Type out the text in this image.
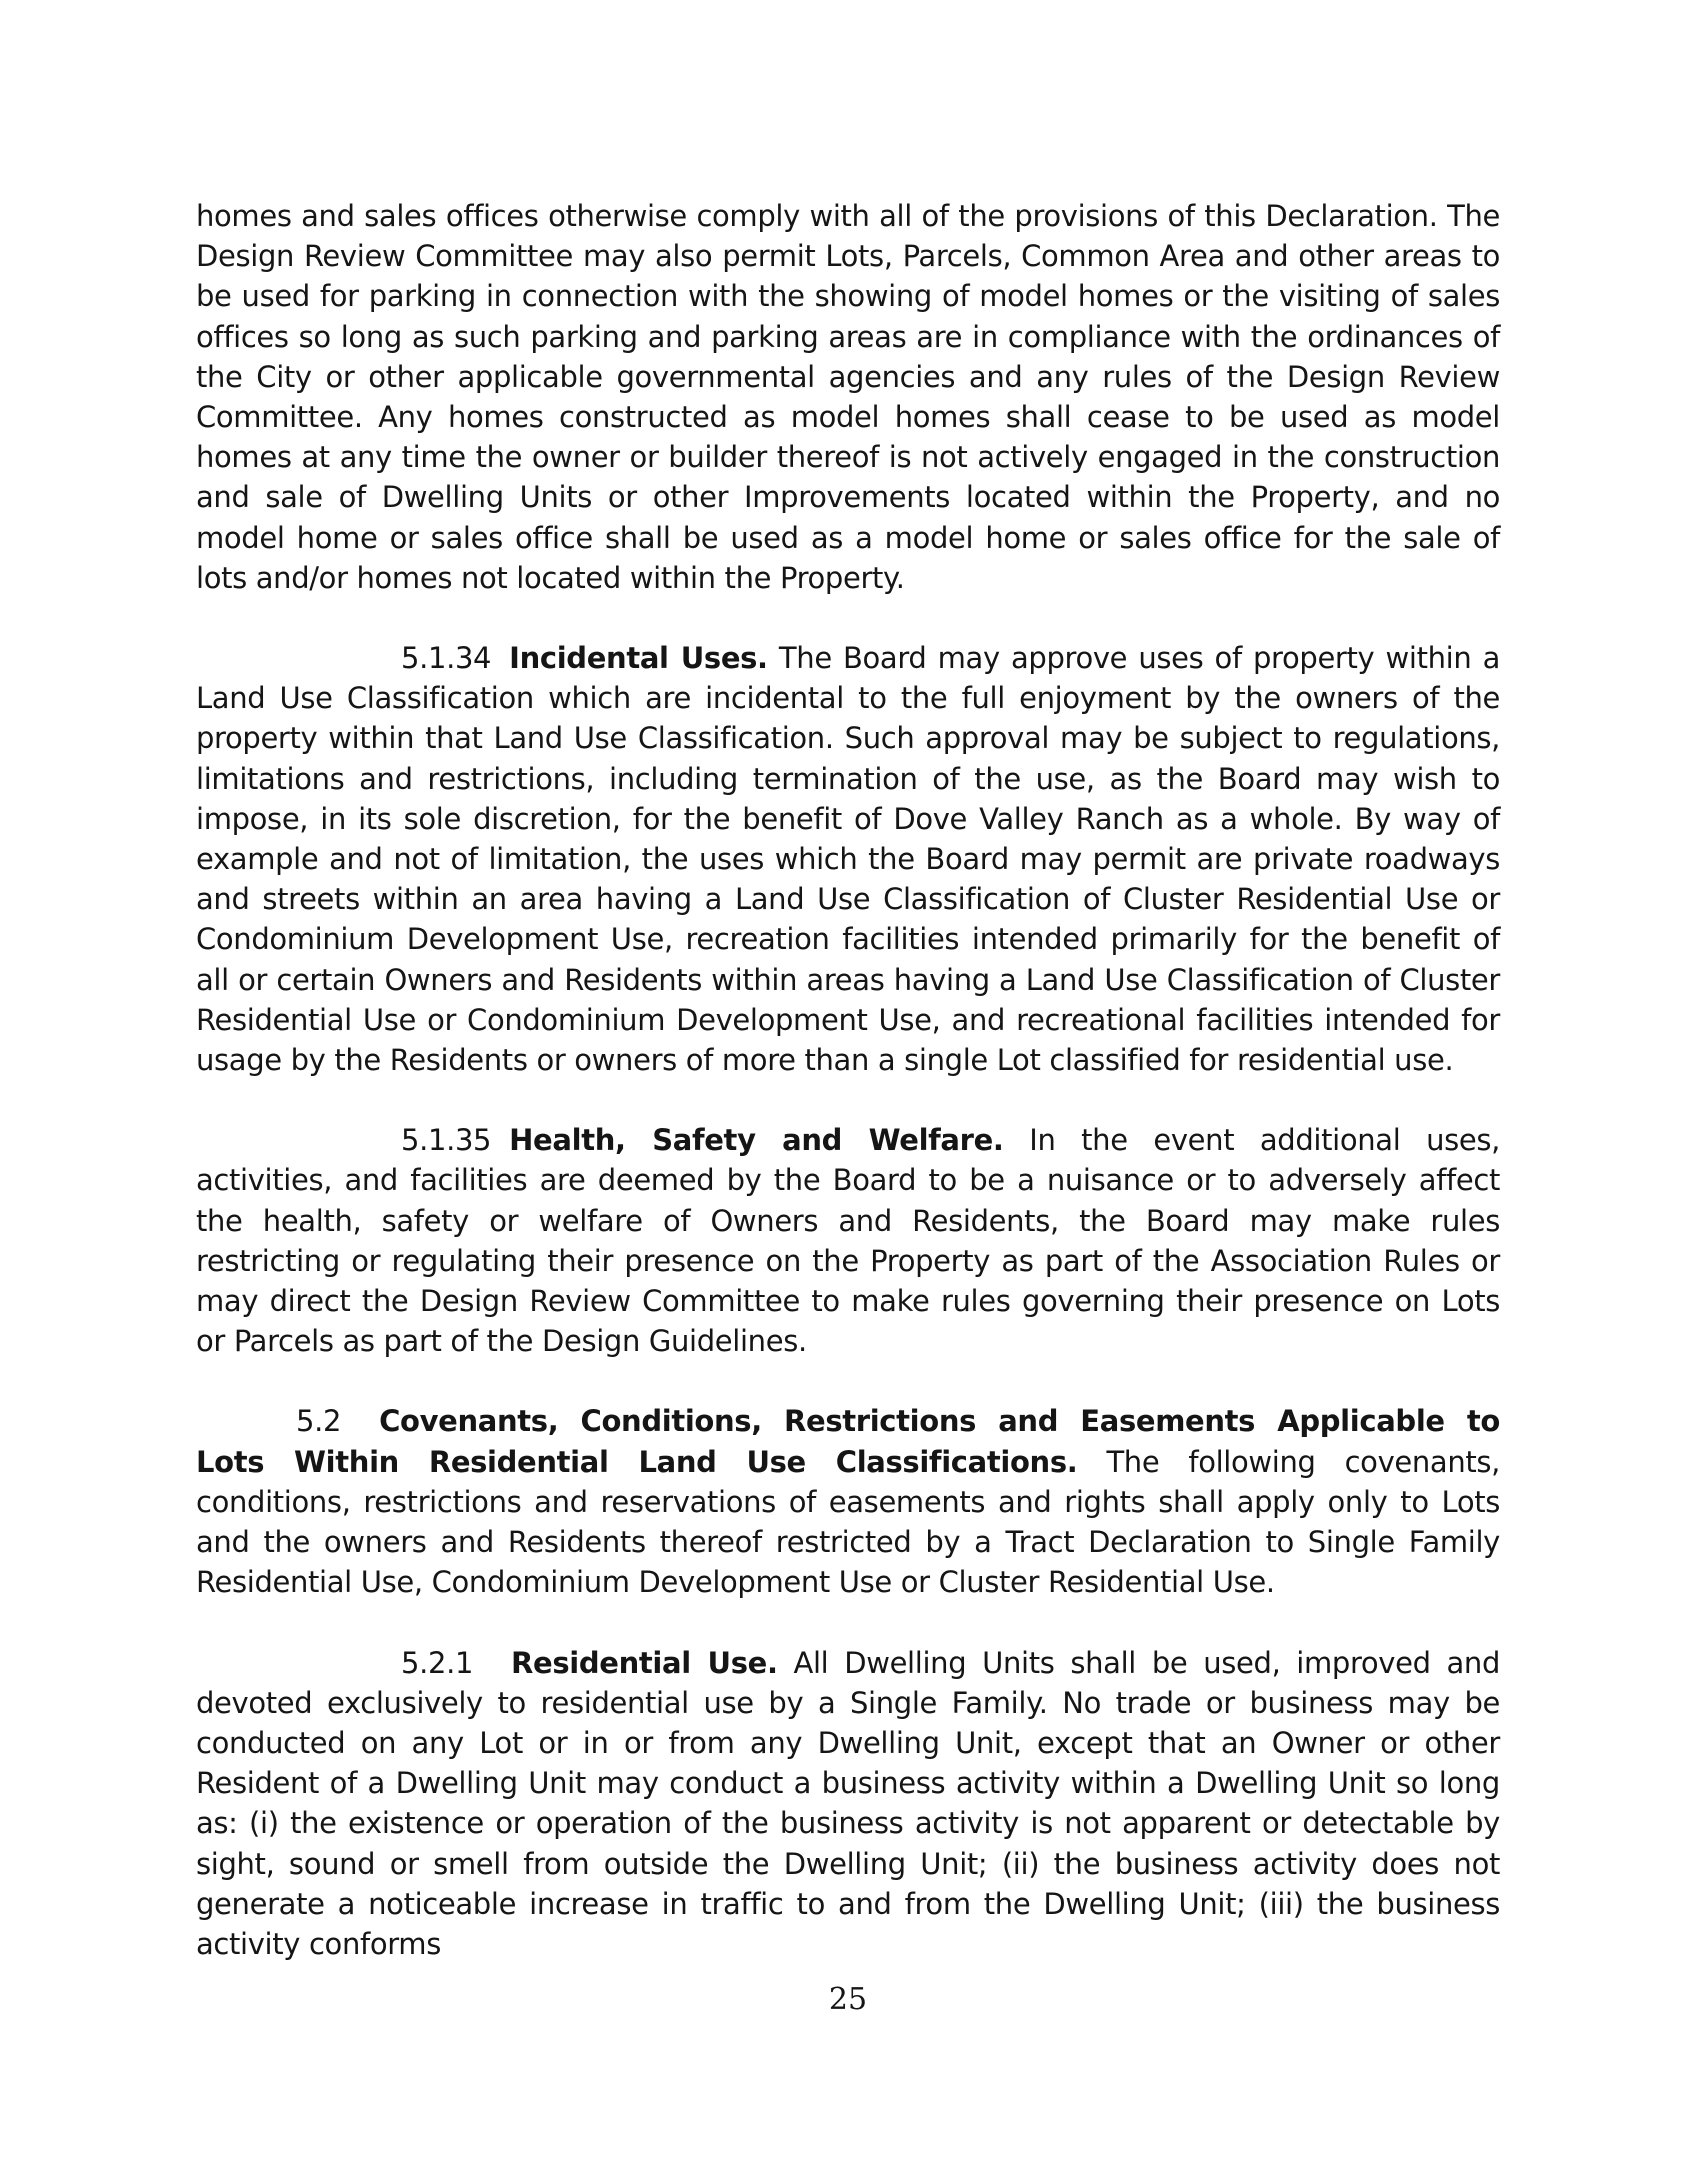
homes and sales offices otherwise comply with all of the provisions of this Declaration. The Design Review Committee may also permit Lots, Parcels, Common Area and other areas to be used for parking in connection with the showing of model homes or the visiting of sales offices so long as such parking and parking areas are in compliance with the ordinances of the City or other applicable governmental agencies and any rules of the Design Review Committee. Any homes constructed as model homes shall cease to be used as model homes at any time the owner or builder thereof is not actively engaged in the construction and sale of Dwelling Units or other Improvements located within the Property, and no model home or sales office shall be used as a model home or sales office for the sale of lots and/or homes not located within the Property.

5.1.34 Incidental Uses. The Board may approve uses of property within a Land Use Classification which are incidental to the full enjoyment by the owners of the property within that Land Use Classification. Such approval may be subject to regulations, limitations and restrictions, including termination of the use, as the Board may wish to impose, in its sole discretion, for the benefit of Dove Valley Ranch as a whole. By way of example and not of limitation, the uses which the Board may permit are private roadways and streets within an area having a Land Use Classification of Cluster Residential Use or Condominium Development Use, recreation facilities intended primarily for the benefit of all or certain Owners and Residents within areas having a Land Use Classification of Cluster Residential Use or Condominium Development Use, and recreational facilities intended for usage by the Residents or owners of more than a single Lot classified for residential use.

5.1.35 Health, Safety and Welfare. In the event additional uses, activities, and facilities are deemed by the Board to be a nuisance or to adversely affect the health, safety or welfare of Owners and Residents, the Board may make rules restricting or regulating their presence on the Property as part of the Association Rules or may direct the Design Review Committee to make rules governing their presence on Lots or Parcels as part of the Design Guidelines.

5.2 Covenants, Conditions, Restrictions and Easements Applicable to Lots Within Residential Land Use Classifications. The following covenants, conditions, restrictions and reservations of easements and rights shall apply only to Lots and the owners and Residents thereof restricted by a Tract Declaration to Single Family Residential Use, Condominium Development Use or Cluster Residential Use.

5.2.1 Residential Use. All Dwelling Units shall be used, improved and devoted exclusively to residential use by a Single Family. No trade or business may be conducted on any Lot or in or from any Dwelling Unit, except that an Owner or other Resident of a Dwelling Unit may conduct a business activity within a Dwelling Unit so long as: (i) the existence or operation of the business activity is not apparent or detectable by sight, sound or smell from outside the Dwelling Unit; (ii) the business activity does not generate a noticeable increase in traffic to and from the Dwelling Unit; (iii) the business activity conforms

25
